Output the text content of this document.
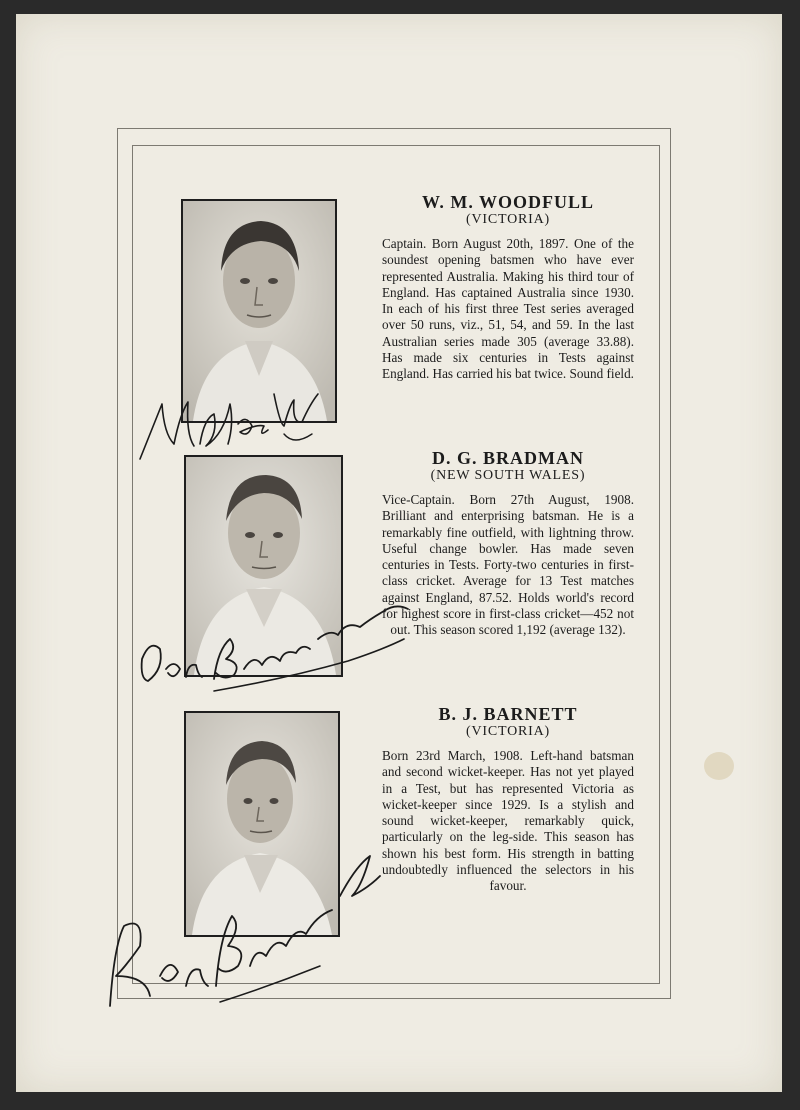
W. M. WOODFULL
(VICTORIA)
Captain. Born August 20th, 1897. One of the soundest opening batsmen who have ever represented Australia. Making his third tour of England. Has captained Australia since 1930. In each of his first three Test series averaged over 50 runs, viz., 51, 54, and 59. In the last Australian series made 305 (average 33.88). Has made six centuries in Tests against England. Has carried his bat twice. Sound field.
D. G. BRADMAN
(NEW SOUTH WALES)
Vice-Captain. Born 27th August, 1908. Brilliant and enterprising batsman. He is a remarkably fine outfield, with lightning throw. Useful change bowler. Has made seven centuries in Tests. Forty-two centuries in first-class cricket. Average for 13 Test matches against England, 87.52. Holds world's record for highest score in first-class cricket—452 not out. This season scored 1,192 (average 132).
B. J. BARNETT
(VICTORIA)
Born 23rd March, 1908. Left-hand batsman and second wicket-keeper. Has not yet played in a Test, but has represented Victoria as wicket-keeper since 1929. Is a stylish and sound wicket-keeper, remarkably quick, particularly on the leg-side. This season has shown his best form. His strength in batting undoubtedly influenced the selectors in his favour.
